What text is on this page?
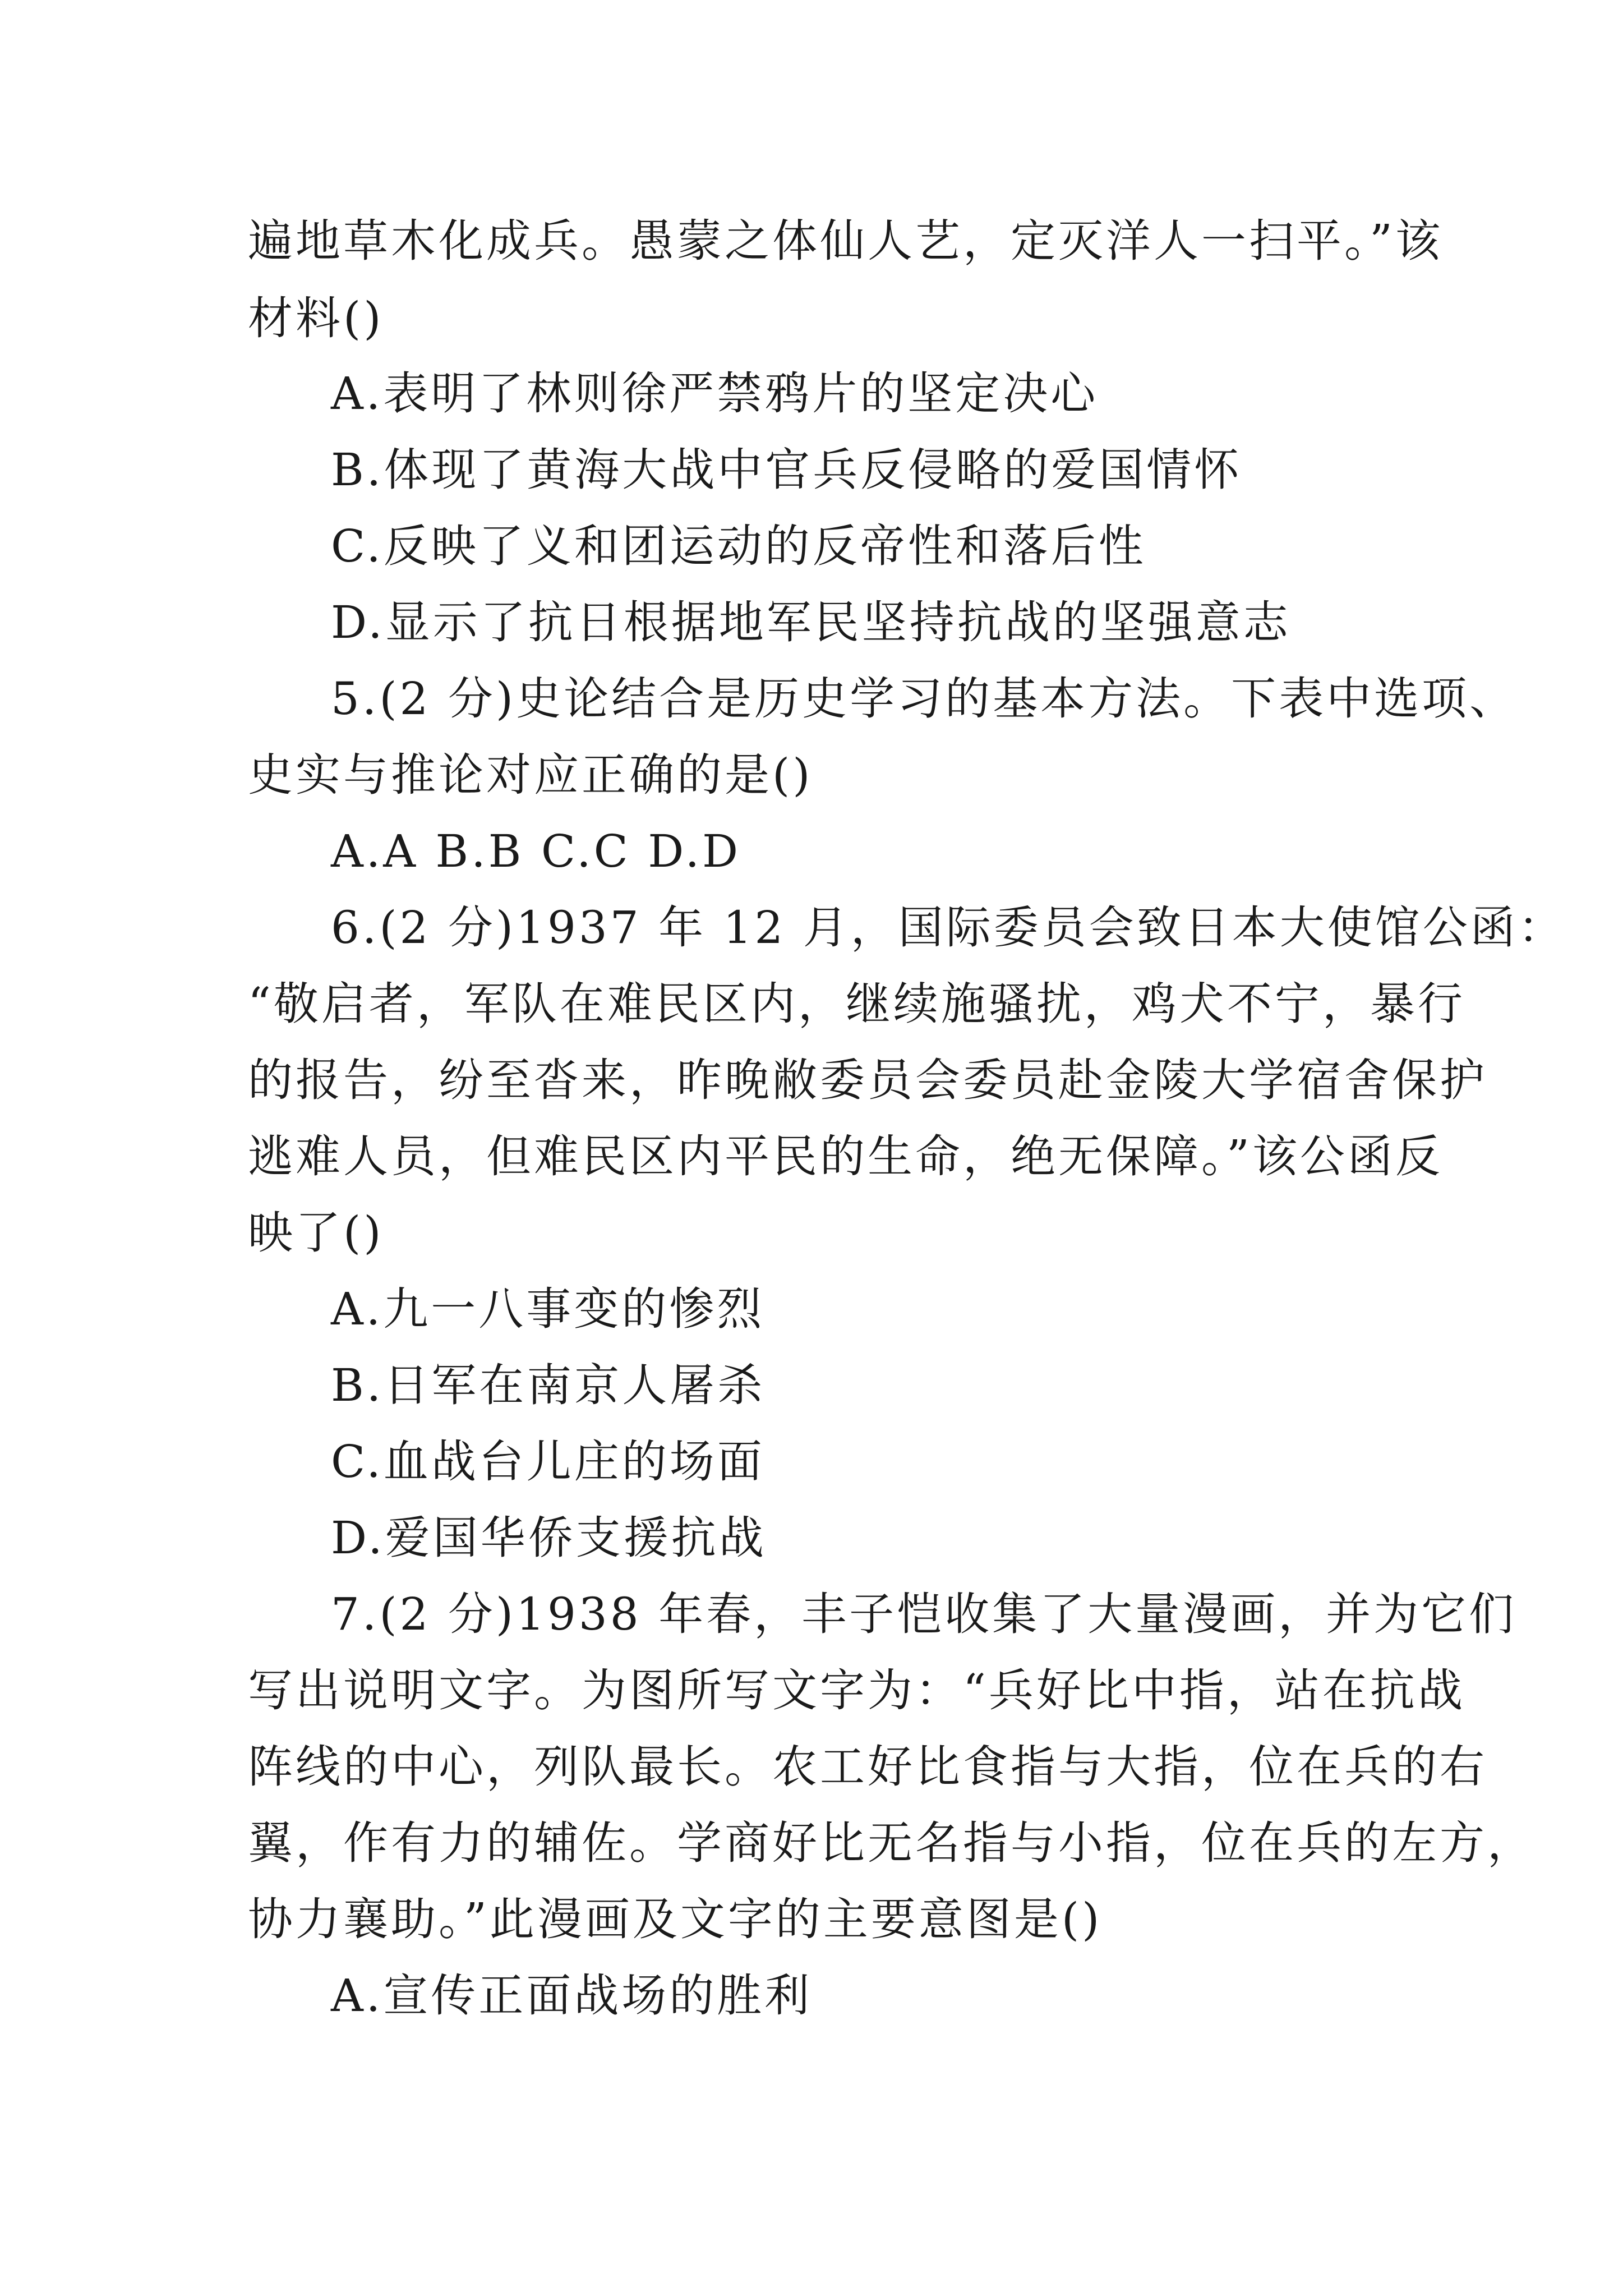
遍地草木化成兵。愚蒙之体仙人艺，定灭洋人一扫平。”该
材料()
A.表明了林则徐严禁鸦片的坚定决心
B.体现了黄海大战中官兵反侵略的爱国情怀
C.反映了义和团运动的反帝性和落后性
D.显示了抗日根据地军民坚持抗战的坚强意志
5.(2 分)史论结合是历史学习的基本方法。下表中选项、
史实与推论对应正确的是()
A.A B.B C.C D.D
6.(2 分)1937 年 12 月，国际委员会致日本大使馆公函：
“敬启者，军队在难民区内，继续施骚扰，鸡犬不宁，暴行
的报告，纷至沓来，昨晚敝委员会委员赴金陵大学宿舍保护
逃难人员，但难民区内平民的生命，绝无保障。”该公函反
映了()
A.九一八事变的惨烈
B.日军在南京人屠杀
C.血战台儿庄的场面
D.爱国华侨支援抗战
7.(2 分)1938 年春，丰子恺收集了大量漫画，并为它们
写出说明文字。为图所写文字为：“兵好比中指，站在抗战
阵线的中心，列队最长。农工好比食指与大指，位在兵的右
翼，作有力的辅佐。学商好比无名指与小指，位在兵的左方，
协力襄助。”此漫画及文字的主要意图是()
A.宣传正面战场的胜利
